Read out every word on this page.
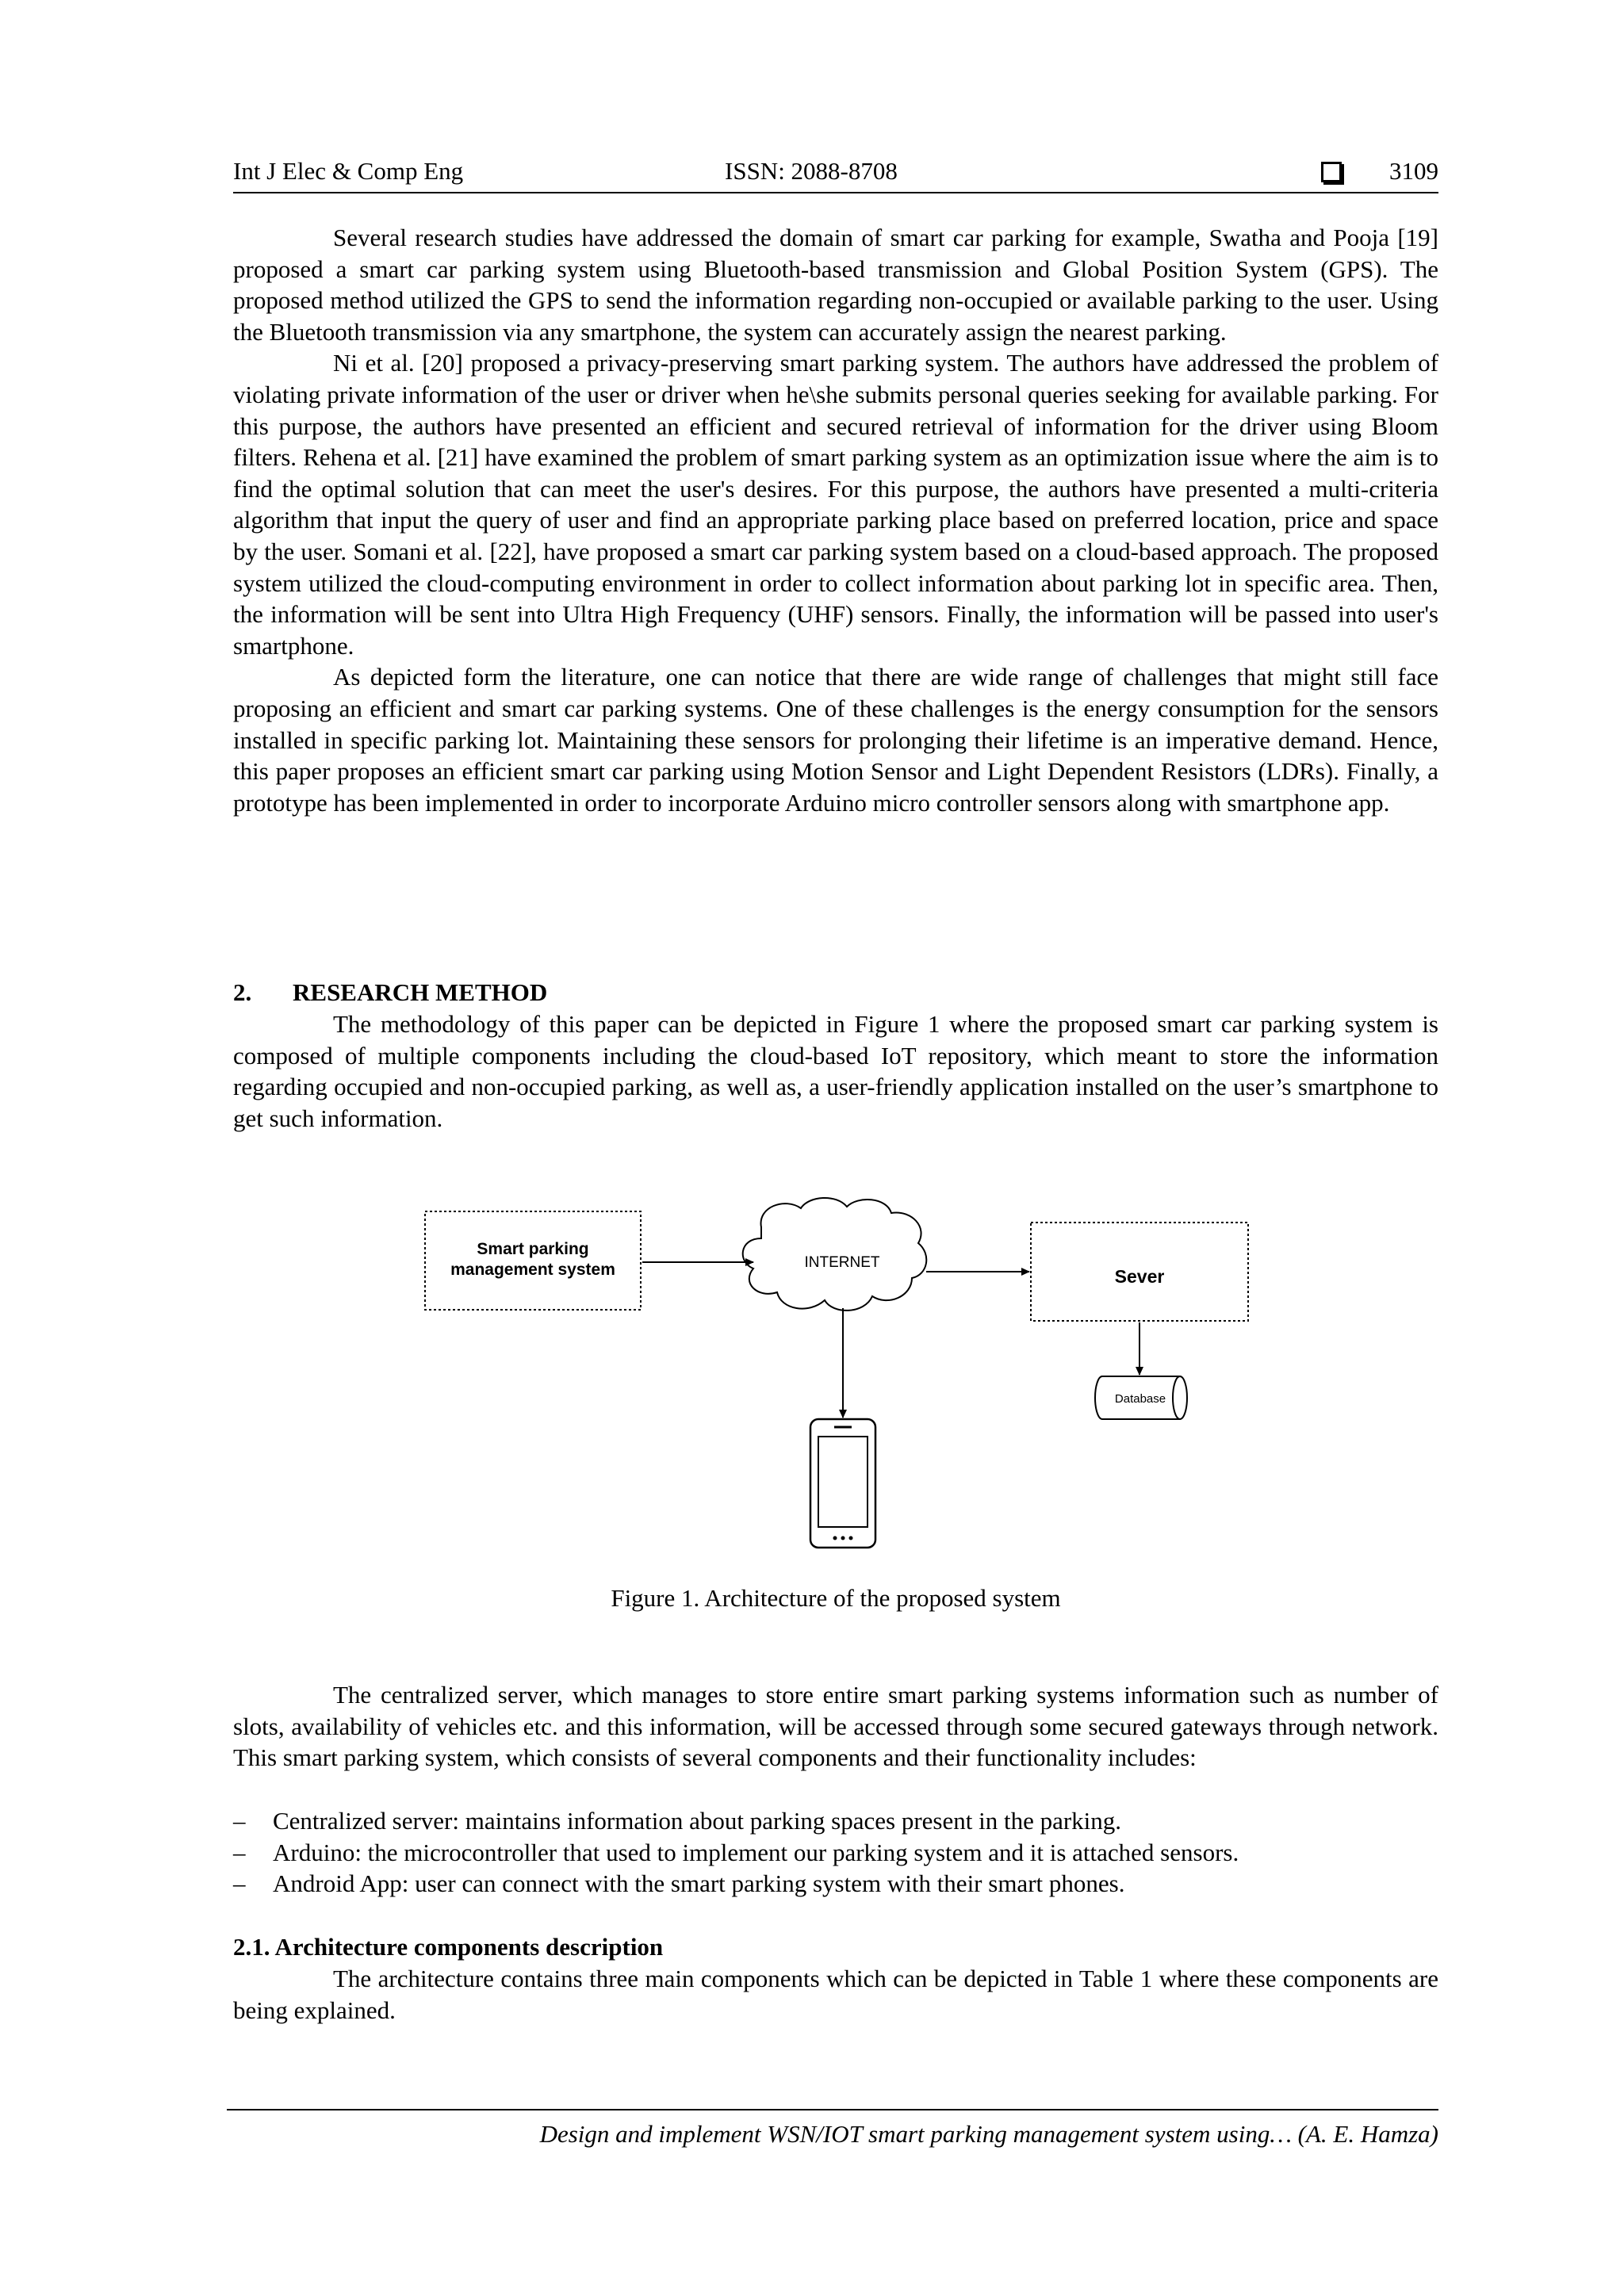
Int J Elec & Comp Eng	ISSN: 2088-8708	3109

Several research studies have addressed the domain of smart car parking for example, Swatha and Pooja [19] proposed a smart car parking system using Bluetooth-based transmission and Global Position System (GPS). The proposed method utilized the GPS to send the information regarding non-occupied or available parking to the user. Using the Bluetooth transmission via any smartphone, the system can accurately assign the nearest parking.

Ni et al. [20] proposed a privacy-preserving smart parking system. The authors have addressed the problem of violating private information of the user or driver when he\she submits personal queries seeking for available parking. For this purpose, the authors have presented an efficient and secured retrieval of information for the driver using Bloom filters. Rehena et al. [21] have examined the problem of smart parking system as an optimization issue where the aim is to find the optimal solution that can meet the user's desires. For this purpose, the authors have presented a multi-criteria algorithm that input the query of user and find an appropriate parking place based on preferred location, price and space by the user. Somani et al. [22], have proposed a smart car parking system based on a cloud-based approach. The proposed system utilized the cloud-computing environment in order to collect information about parking lot in specific area. Then, the information will be sent into Ultra High Frequency (UHF) sensors. Finally, the information will be passed into user's smartphone.

As depicted form the literature, one can notice that there are wide range of challenges that might still face proposing an efficient and smart car parking systems. One of these challenges is the energy consumption for the sensors installed in specific parking lot. Maintaining these sensors for prolonging their lifetime is an imperative demand. Hence, this paper proposes an efficient smart car parking using Motion Sensor and Light Dependent Resistors (LDRs). Finally, a prototype has been implemented in order to incorporate Arduino micro controller sensors along with smartphone app.

2. RESEARCH METHOD

The methodology of this paper can be depicted in Figure 1 where the proposed smart car parking system is composed of multiple components including the cloud-based IoT repository, which meant to store the information regarding occupied and non-occupied parking, as well as, a user-friendly application installed on the user’s smartphone to get such information.

Smart parking
management system	INTERNET
Sever
Database
Figure 1. Architecture of the proposed system

The centralized server, which manages to store entire smart parking systems information such as number of slots, availability of vehicles etc. and this information, will be accessed through some secured gateways through network. This smart parking system, which consists of several components and their functionality includes:

– Centralized server: maintains information about parking spaces present in the parking.
– Arduino: the microcontroller that used to implement our parking system and it is attached sensors.
– Android App: user can connect with the smart parking system with their smart phones.
2.1. Architecture components description

The architecture contains three main components which can be depicted in Table 1 where these components are being explained.

Design and implement WSN/IOT smart parking management system using… (A. E. Hamza)
